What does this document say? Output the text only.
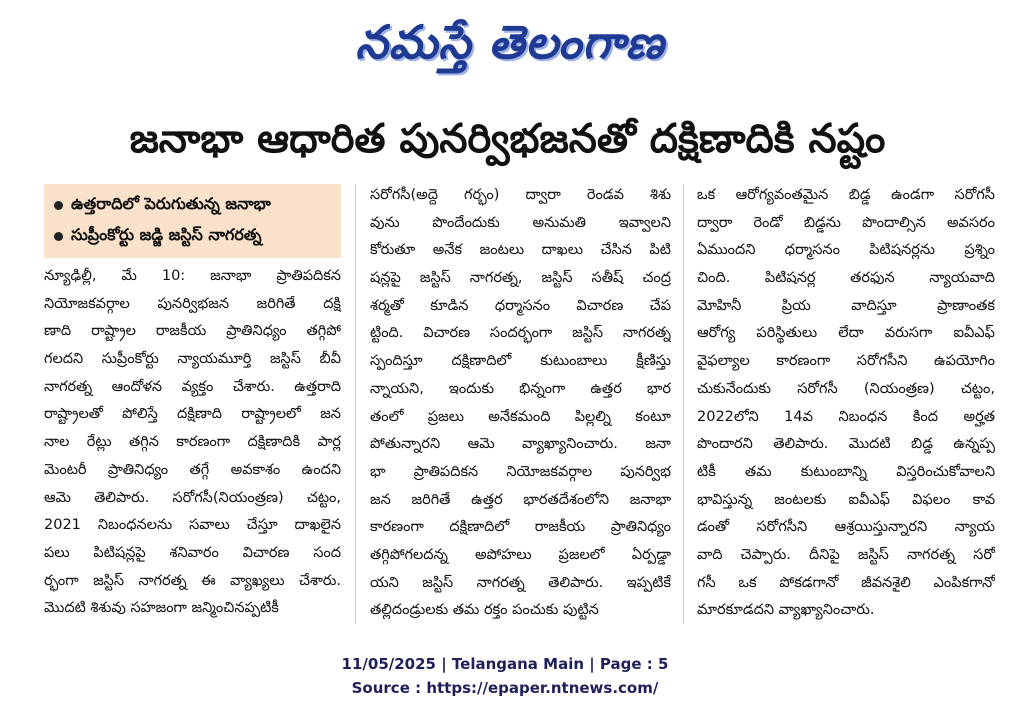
నమస్తే తెలంగాణ
జనాభా ఆధారిత పునర్విభజనతో దక్షిణాదికి నష్టం
ఉత్తరాదిలో పెరుగుతున్న జనాభా
సుప్రీంకోర్టు జడ్జి జస్టిస్ నాగరత్న
న్యూఢిల్లీ, మే 10: జనాభా ప్రాతిపదికన
నియోజకవర్గాల పునర్విభజన జరిగితే దక్షి
ణాది రాష్ట్రాల రాజకీయ ప్రాతినిధ్యం తగ్గిపో
గలదని సుప్రీంకోర్టు న్యాయమూర్తి జస్టిస్ బీవీ
నాగరత్న ఆందోళన వ్యక్తం చేశారు. ఉత్తరాది
రాష్ట్రాలతో పోలిస్తే దక్షిణాది రాష్ట్రాలలో జన
నాల రేట్లు తగ్గిన కారణంగా దక్షిణాదికి పార్ల
మెంటరీ ప్రాతినిధ్యం తగ్గే అవకాశం ఉందని
ఆమె తెలిపారు. సరోగసీ(నియంత్రణ) చట్టం,
2021 నిబంధనలను సవాలు చేస్తూ దాఖలైన
పలు పిటిషన్లపై శనివారం విచారణ సంద
ర్భంగా జస్టిస్ నాగరత్న ఈ వ్యాఖ్యలు చేశారు.
మొదటి శిశువు సహజంగా జన్మించినప్పటికీ
సరోగసీ(అద్దె గర్భం) ద్వారా రెండవ శిశు
వును పొందేందుకు అనుమతి ఇవ్వాలని
కోరుతూ అనేక జంటలు దాఖలు చేసిన పిటి
షన్లపై జస్టిస్ నాగరత్న, జస్టిస్ సతీష్ చంద్ర
శర్మతో కూడిన ధర్మాసనం విచారణ చేప
ట్టింది. విచారణ సందర్భంగా జస్టిస్ నాగరత్న
స్పందిస్తూ దక్షిణాదిలో కుటుంబాలు క్షీణిస్తు
న్నాయని, ఇందుకు భిన్నంగా ఉత్తర భార
తంలో ప్రజలు అనేకమంది పిల్లల్ని కంటూ
పోతున్నారని ఆమె వ్యాఖ్యానించారు. జనా
భా ప్రాతిపదికన నియోజకవర్గాల పునర్విభ
జన జరిగితే ఉత్తర భారతదేశంలోని జనాభా
కారణంగా దక్షిణాదిలో రాజకీయ ప్రాతినిధ్యం
తగ్గిపోగలదన్న అపోహలు ప్రజలలో ఏర్పడ్డా
యని జస్టిస్ నాగరత్న తెలిపారు. ఇప్పటికే
తల్లిదండ్రులకు తమ రక్తం పంచుకు పుట్టిన
ఒక ఆరోగ్యవంతమైన బిడ్డ ఉండగా సరోగసీ
ద్వారా రెండో బిడ్డను పొందాల్సిన అవసరం
ఏముందని ధర్మాసనం పిటిషనర్లను ప్రశ్నిం
చింది. పిటిషనర్ల తరఫున న్యాయవాది
మోహినీ ప్రియ వాదిస్తూ ప్రాణాంతక
ఆరోగ్య పరిస్థితులు లేదా వరుసగా ఐవీఎఫ్
వైఫల్యాల కారణంగా సరోగసీని ఉపయోగిం
చుకునేందుకు సరోగసీ (నియంత్రణ) చట్టం,
2022లోని 14వ నిబంధన కింద అర్హత
పొందారని తెలిపారు. మొదటి బిడ్డ ఉన్నప్ప
టికీ తమ కుటుంబాన్ని విస్తరించుకోవాలని
భావిస్తున్న జంటలకు ఐవీఎఫ్ విఫలం కావ
డంతో సరోగసీని ఆశ్రయిస్తున్నారని న్యాయ
వాది చెప్పారు. దీనిపై జస్టిస్ నాగరత్న సరో
గసీ ఒక పోకడగానో జీవనశైలి ఎంపికగానో
మారకూడదని వ్యాఖ్యానించారు.
11/05/2025 | Telangana Main | Page : 5
Source : https://epaper.ntnews.com/
